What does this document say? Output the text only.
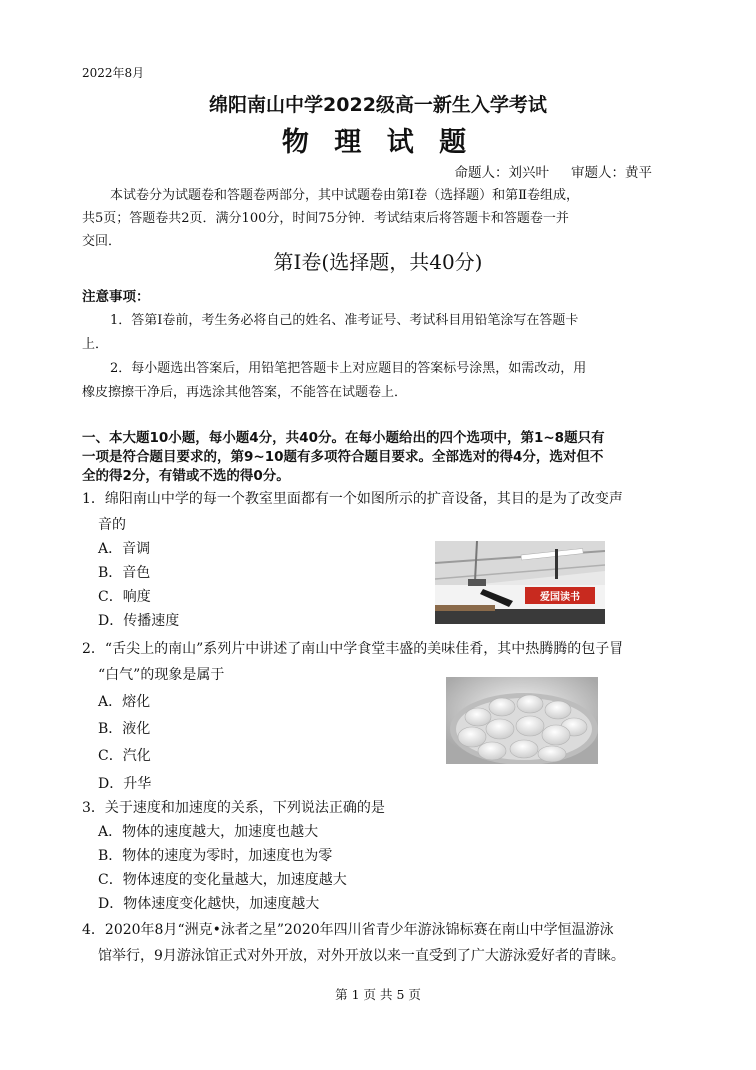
2022年8月
绵阳南山中学2022级高一新生入学考试
物 理 试 题
命题人：刘兴叶 审题人：黄平
本试卷分为试题卷和答题卷两部分，其中试题卷由第Ⅰ卷（选择题）和第Ⅱ卷组成，
共5页；答题卷共2页．满分100分，时间75分钟．考试结束后将答题卡和答题卷一并
交回．
第Ⅰ卷(选择题，共40分)
注意事项：
1．答第Ⅰ卷前，考生务必将自己的姓名、准考证号、考试科目用铅笔涂写在答题卡
上．
2．每小题选出答案后，用铅笔把答题卡上对应题目的答案标号涂黑，如需改动，用
橡皮擦擦干净后，再选涂其他答案，不能答在试题卷上．
一、本大题10小题，每小题4分，共40分。在每小题给出的四个选项中，第1~8题只有
一项是符合题目要求的，第9~10题有多项符合题目要求。全部选对的得4分，选对但不
全的得2分，有错或不选的得0分。
1．绵阳南山中学的每一个教室里面都有一个如图所示的扩音设备，其目的是为了改变声
音的
A．音调
B．音色
C．响度
D．传播速度
爱国读书
2．“舌尖上的南山”系列片中讲述了南山中学食堂丰盛的美味佳肴，其中热腾腾的包子冒
“白气”的现象是属于
A．熔化
B．液化
C．汽化
D．升华
3．关于速度和加速度的关系，下列说法正确的是
A．物体的速度越大，加速度也越大
B．物体的速度为零时，加速度也为零
C．物体速度的变化量越大，加速度越大
D．物体速度变化越快，加速度越大
4．2020年8月“洲克•泳者之星”2020年四川省青少年游泳锦标赛在南山中学恒温游泳
馆举行，9月游泳馆正式对外开放，对外开放以来一直受到了广大游泳爱好者的青睐。
第 1 页 共 5 页
